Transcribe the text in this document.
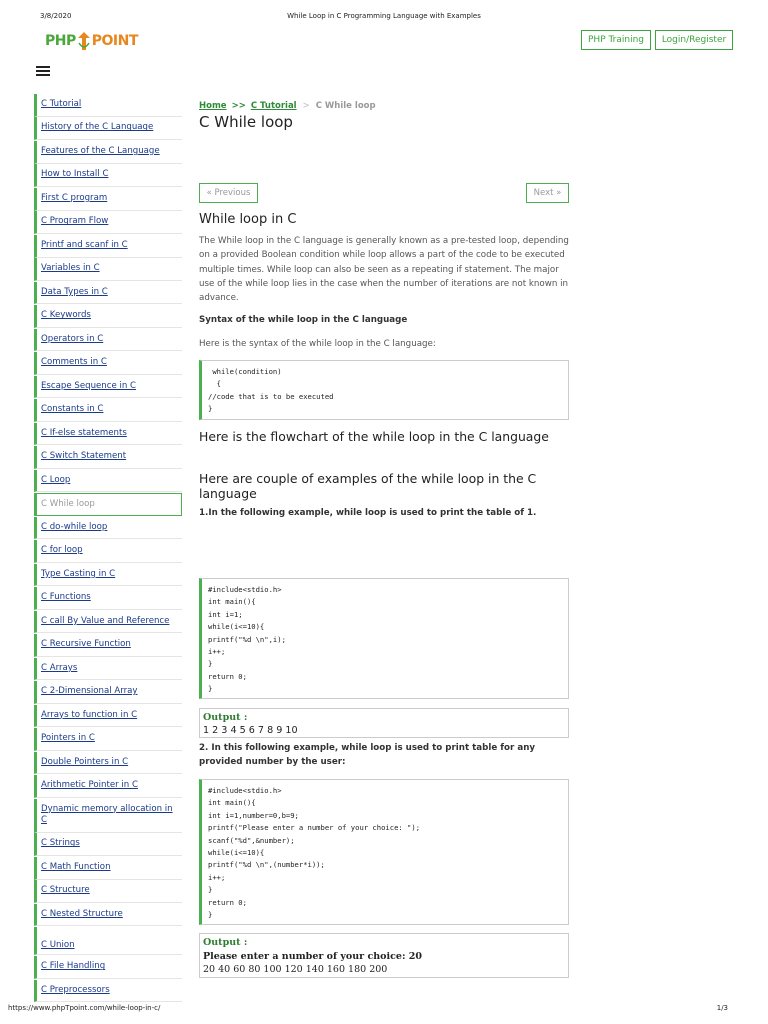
3/8/2020	While Loop in C Programming Language with Examples
PHP POINT	PHP Training	Login/Register
C Tutorial
History of the C Language
Features of the C Language
How to Install C
First C program
C Program Flow
Printf and scanf in C
Variables in C
Data Types in C
C Keywords
Operators in C
Comments in C
Escape Sequence in C
Constants in C
C If-else statements
C Switch Statement
C Loop
C While loop
C do-while loop
C for loop
Type Casting in C
C Functions
C call By Value and Reference
C Recursive Function
C Arrays
C 2-Dimensional Array
Arrays to function in C
Pointers in C
Double Pointers in C
Arithmetic Pointer in C
Dynamic memory allocation in C
C Strings
C Math Function
C Structure
C Nested Structure
C Union
C File Handling
C Preprocessors
Home >> C Tutorial > C While loop
C While loop
« Previous	Next »
While loop in C

The While loop in the C language is generally known as a pre-tested loop, depending on a provided Boolean condition while loop allows a part of the code to be executed multiple times. While loop can also be seen as a repeating if statement. The major use of the while loop lies in the case when the number of iterations are not known in advance.

Syntax of the while loop in the C language
Here is the syntax of the while loop in the C language:
while(condition)
{
//code that is to be executed
}
Here is the flowchart of the while loop in the C language
Here are couple of examples of the while loop in the C language
1.In the following example, while loop is used to print the table of 1.
#include<stdio.h>
int main(){
int i=1;
while(i<=10){
printf("%d \n",i);
i++;
}
return 0;
}
Output :
1 2 3 4 5 6 7 8 9 10
2. In this following example, while loop is used to print table for any provided number by the user:
#include<stdio.h>
int main(){
int i=1,number=0,b=9;
printf("Please enter a number of your choice: ");
scanf("%d",&number);
while(i<=10){
printf("%d \n",(number*i));
i++;
}
return 0;
}
Output :
Please enter a number of your choice: 20
20 40 60 80 100 120 140 160 180 200
https://www.phpTpoint.com/while-loop-in-c/	1/3
